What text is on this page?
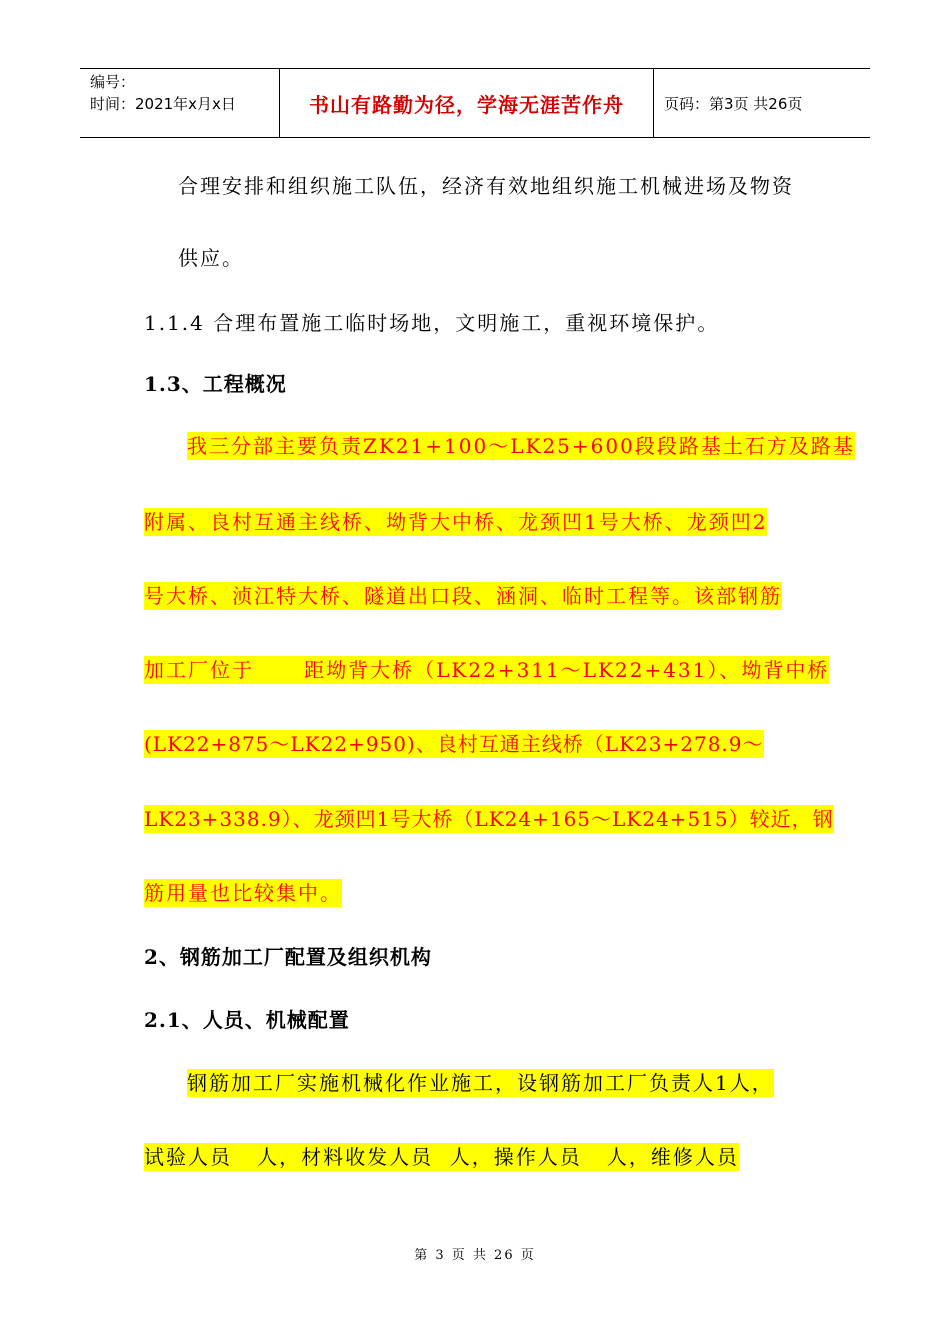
编号：
时间：2021年x月x日	书山有路勤为径，学海无涯苦作舟	页码：第3页 共26页
合理安排和组织施工队伍，经济有效地组织施工机械进场及物资
供应。
1.1.4 合理布置施工临时场地，文明施工，重视环境保护。
1.3、工程概况
我三分部主要负责ZK21+100～LK25+600段段路基土石方及路基
附属、良村互通主线桥、坳背大中桥、龙颈凹1号大桥、龙颈凹2
号大桥、浈江特大桥、隧道出口段、涵洞、临时工程等。该部钢筋
加工厂位于      距坳背大桥（LK22+311～LK22+431）、坳背中桥
(LK22+875～LK22+950)、良村互通主线桥（LK23+278.9～
LK23+338.9）、龙颈凹1号大桥（LK24+165～LK24+515）较近，钢
筋用量也比较集中。
2、钢筋加工厂配置及组织机构
2.1、人员、机械配置
钢筋加工厂实施机械化作业施工，设钢筋加工厂负责人1人，
试验人员   人，材料收发人员  人，操作人员   人，维修人员
第 3 页 共 26 页
